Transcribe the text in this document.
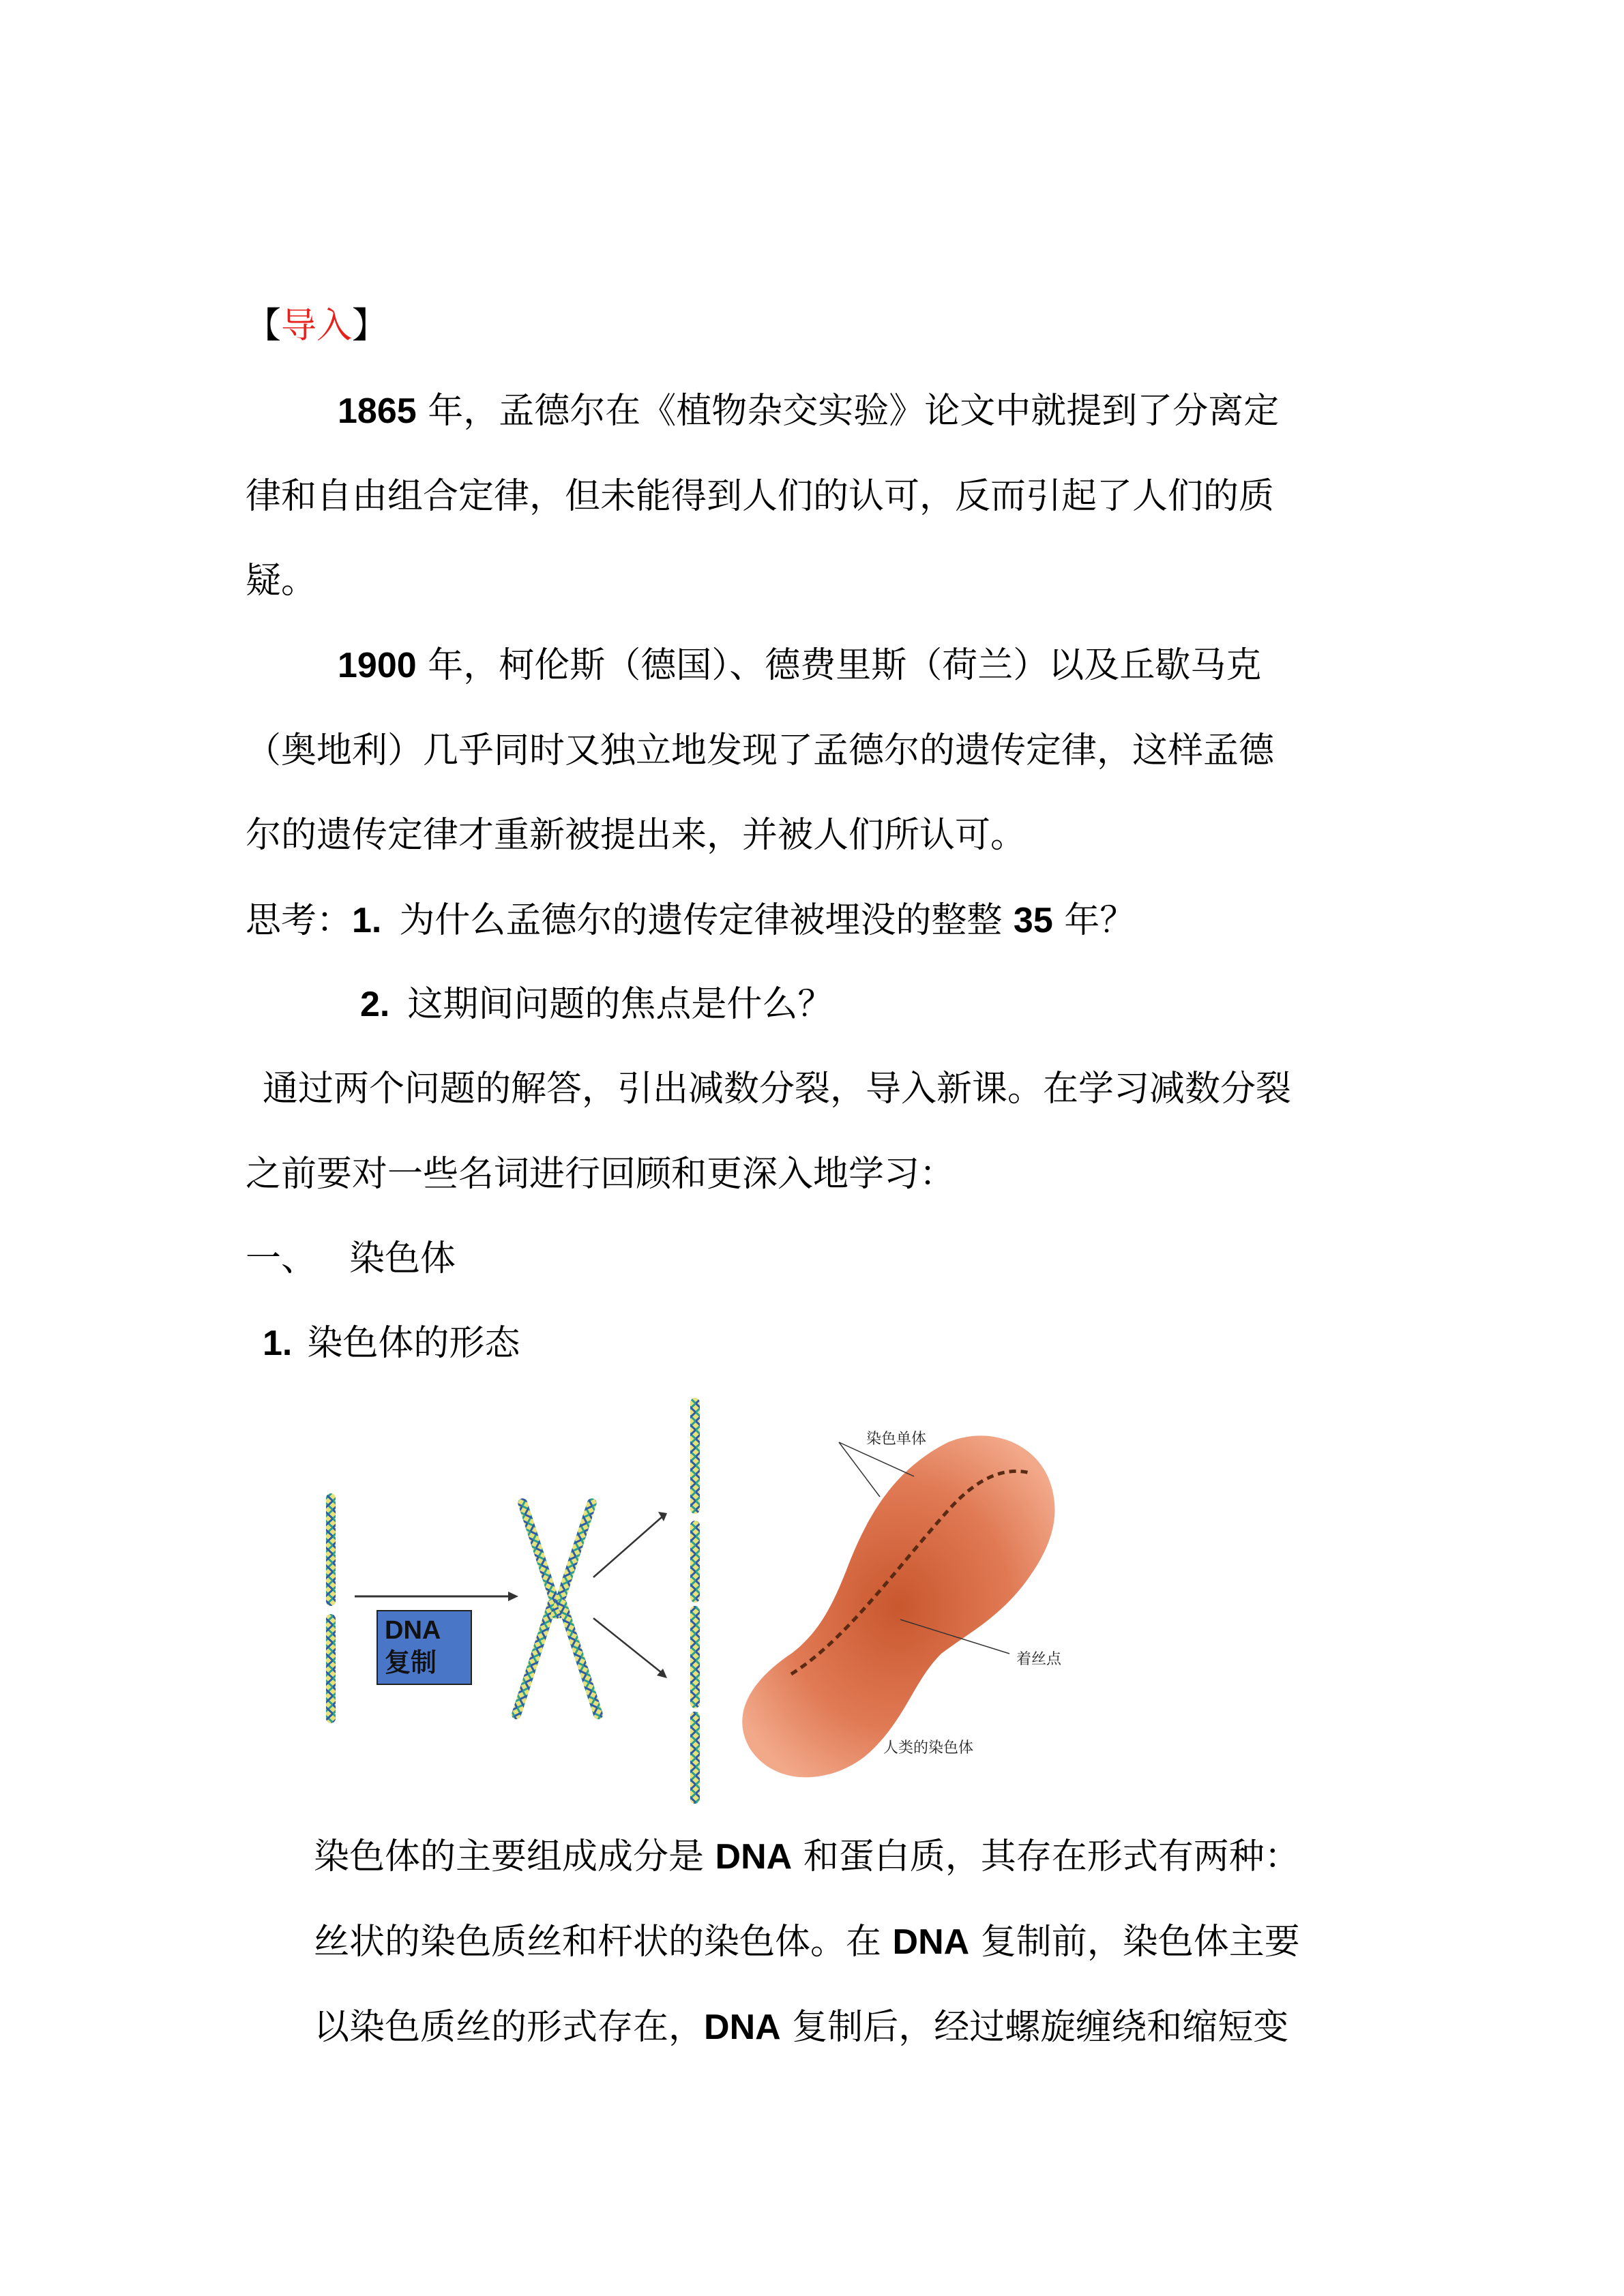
【导入】
1865 年，孟德尔在《植物杂交实验》论文中就提到了分离定
律和自由组合定律，但未能得到人们的认可，反而引起了人们的质
疑。
1900 年，柯伦斯（德国）、德费里斯（荷兰）以及丘歇马克
（奥地利）几乎同时又独立地发现了孟德尔的遗传定律，这样孟德
尔的遗传定律才重新被提出来，并被人们所认可。
思考：1. 为什么孟德尔的遗传定律被埋没的整整 35 年？
2. 这期间问题的焦点是什么？
通过两个问题的解答，引出减数分裂，导入新课。在学习减数分裂
之前要对一些名词进行回顾和更深入地学习：
一、 染色体
1. 染色体的形态
染色单体
着丝点
人类的染色体
DNA
复制
染色体的主要组成成分是 DNA 和蛋白质，其存在形式有两种：
丝状的染色质丝和杆状的染色体。在 DNA 复制前，染色体主要
以染色质丝的形式存在，DNA 复制后，经过螺旋缠绕和缩短变
